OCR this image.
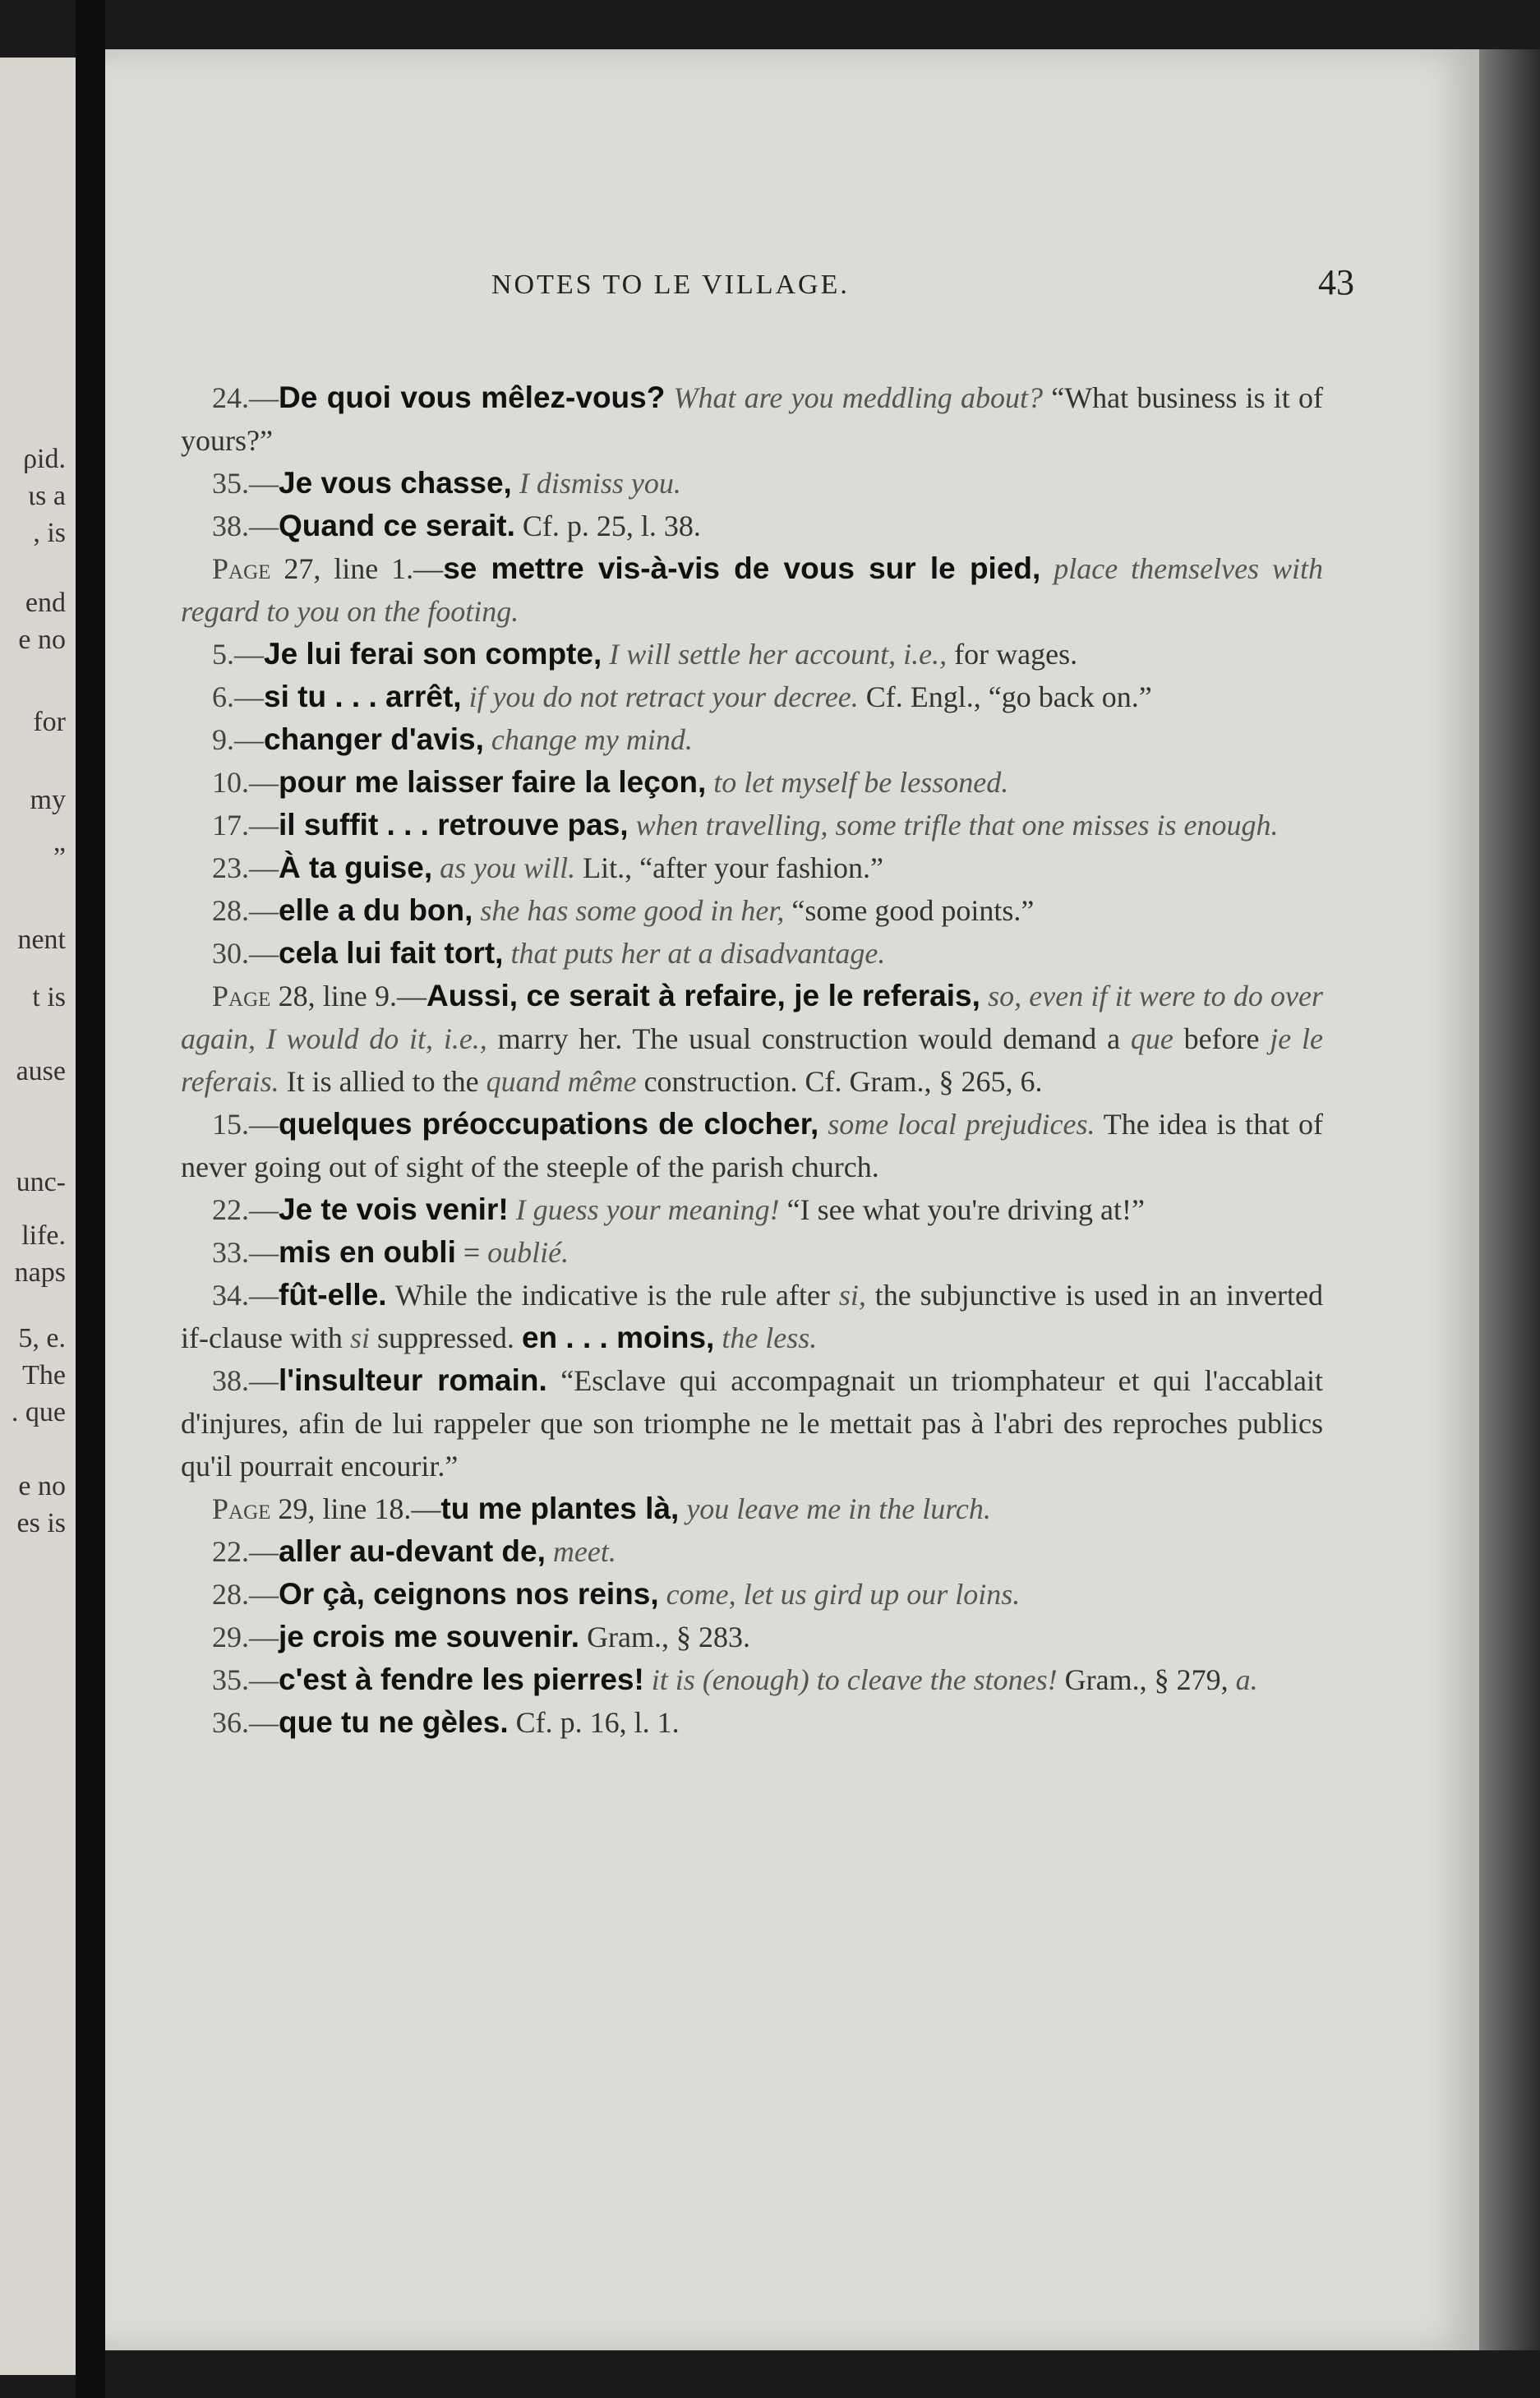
ρid.
ιs a
, is
end
e no
for
my
”
nent
t is
ause
unc-
life.
naps
5, e.
The
. que
e no
es is
NOTES TO LE VILLAGE.	43

24.—De quoi vous mêlez-vous? What are you meddling about? “What business is it of yours?”

35.—Je vous chasse, I dismiss you.

38.—Quand ce serait. Cf. p. 25, l. 38.

Page 27, line 1.—se mettre vis-à-vis de vous sur le pied, place themselves with regard to you on the footing.

5.—Je lui ferai son compte, I will settle her account, i.e., for wages.

6.—si tu . . . arrêt, if you do not retract your decree. Cf. Engl., “go back on.”

9.—changer d'avis, change my mind.

10.—pour me laisser faire la leçon, to let myself be lessoned.

17.—il suffit . . . retrouve pas, when travelling, some trifle that one misses is enough.

23.—À ta guise, as you will. Lit., “after your fashion.”

28.—elle a du bon, she has some good in her, “some good points.”

30.—cela lui fait tort, that puts her at a disadvantage.

Page 28, line 9.—Aussi, ce serait à refaire, je le referais, so, even if it were to do over again, I would do it, i.e., marry her. The usual construction would demand a que before je le referais. It is allied to the quand même construction. Cf. Gram., § 265, 6.

15.—quelques préoccupations de clocher, some local prejudices. The idea is that of never going out of sight of the steeple of the parish church.

22.—Je te vois venir! I guess your meaning! “I see what you're driving at!”

33.—mis en oubli = oublié.

34.—fût-elle. While the indicative is the rule after si, the subjunctive is used in an inverted if-clause with si suppressed. en . . . moins, the less.

38.—l'insulteur romain. “Esclave qui accompagnait un triomphateur et qui l'accablait d'injures, afin de lui rappeler que son triomphe ne le mettait pas à l'abri des reproches publics qu'il pourrait encourir.”

Page 29, line 18.—tu me plantes là, you leave me in the lurch.

22.—aller au-devant de, meet.

28.—Or çà, ceignons nos reins, come, let us gird up our loins.

29.—je crois me souvenir. Gram., § 283.

35.—c'est à fendre les pierres! it is (enough) to cleave the stones! Gram., § 279, a.

36.—que tu ne gèles. Cf. p. 16, l. 1.
